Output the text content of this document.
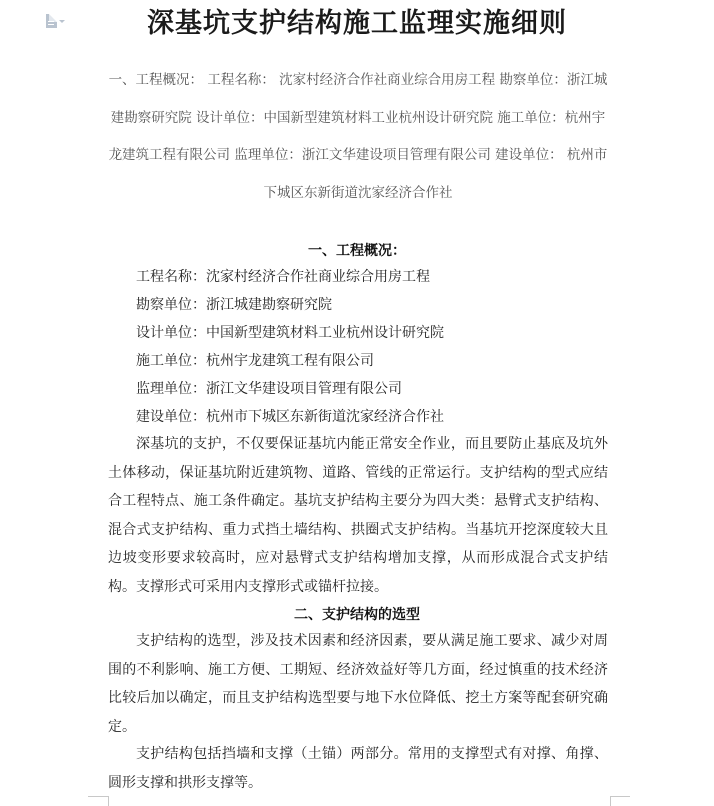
深基坑支护结构施工监理实施细则
一、工程概况： 工程名称： 沈家村经济合作社商业综合用房工程 勘察单位：浙江城建勘察研究院 设计单位：中国新型建筑材料工业杭州设计研究院 施工单位：杭州宇龙建筑工程有限公司 监理单位：浙江文华建设项目管理有限公司 建设单位： 杭州市下城区东新街道沈家经济合作社
一、工程概况：
工程名称：沈家村经济合作社商业综合用房工程
勘察单位：浙江城建勘察研究院
设计单位：中国新型建筑材料工业杭州设计研究院
施工单位：杭州宇龙建筑工程有限公司
监理单位：浙江文华建设项目管理有限公司
建设单位：杭州市下城区东新街道沈家经济合作社
深基坑的支护，不仅要保证基坑内能正常安全作业，而且要防止基底及坑外土体移动，保证基坑附近建筑物、道路、管线的正常运行。支护结构的型式应结合工程特点、施工条件确定。基坑支护结构主要分为四大类：悬臂式支护结构、混合式支护结构、重力式挡土墙结构、拱圈式支护结构。当基坑开挖深度较大且边坡变形要求较高时，应对悬臂式支护结构增加支撑，从而形成混合式支护结构。支撑形式可采用内支撑形式或锚杆拉接。
二、支护结构的选型
支护结构的选型，涉及技术因素和经济因素，要从满足施工要求、减少对周围的不利影响、施工方便、工期短、经济效益好等几方面，经过慎重的技术经济比较后加以确定，而且支护结构选型要与地下水位降低、挖土方案等配套研究确定。
支护结构包括挡墙和支撑（土锚）两部分。常用的支撑型式有对撑、角撑、圆形支撑和拱形支撑等。
